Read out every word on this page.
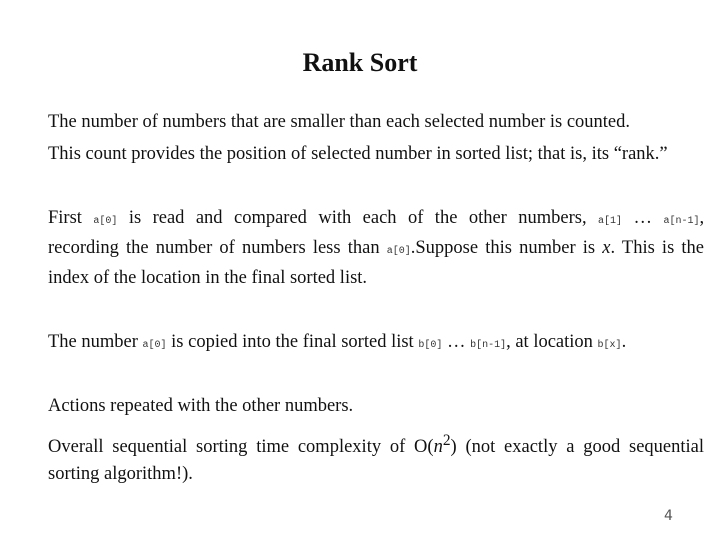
Rank Sort
The number of numbers that are smaller than each selected number is counted.
This count provides the position of selected number in sorted list; that is, its “rank.”
First a[0] is read and compared with each of the other numbers, a[1] … a[n-1],
recording the number of numbers less than a[0].Suppose this number is x. This is the
index of the location in the final sorted list.
The number a[0] is copied into the final sorted list b[0] … b[n-1], at location b[x].
Actions repeated with the other numbers.
Overall sequential sorting time complexity of $O(n^2)$ (not exactly a good sequential
sorting algorithm!).
4
